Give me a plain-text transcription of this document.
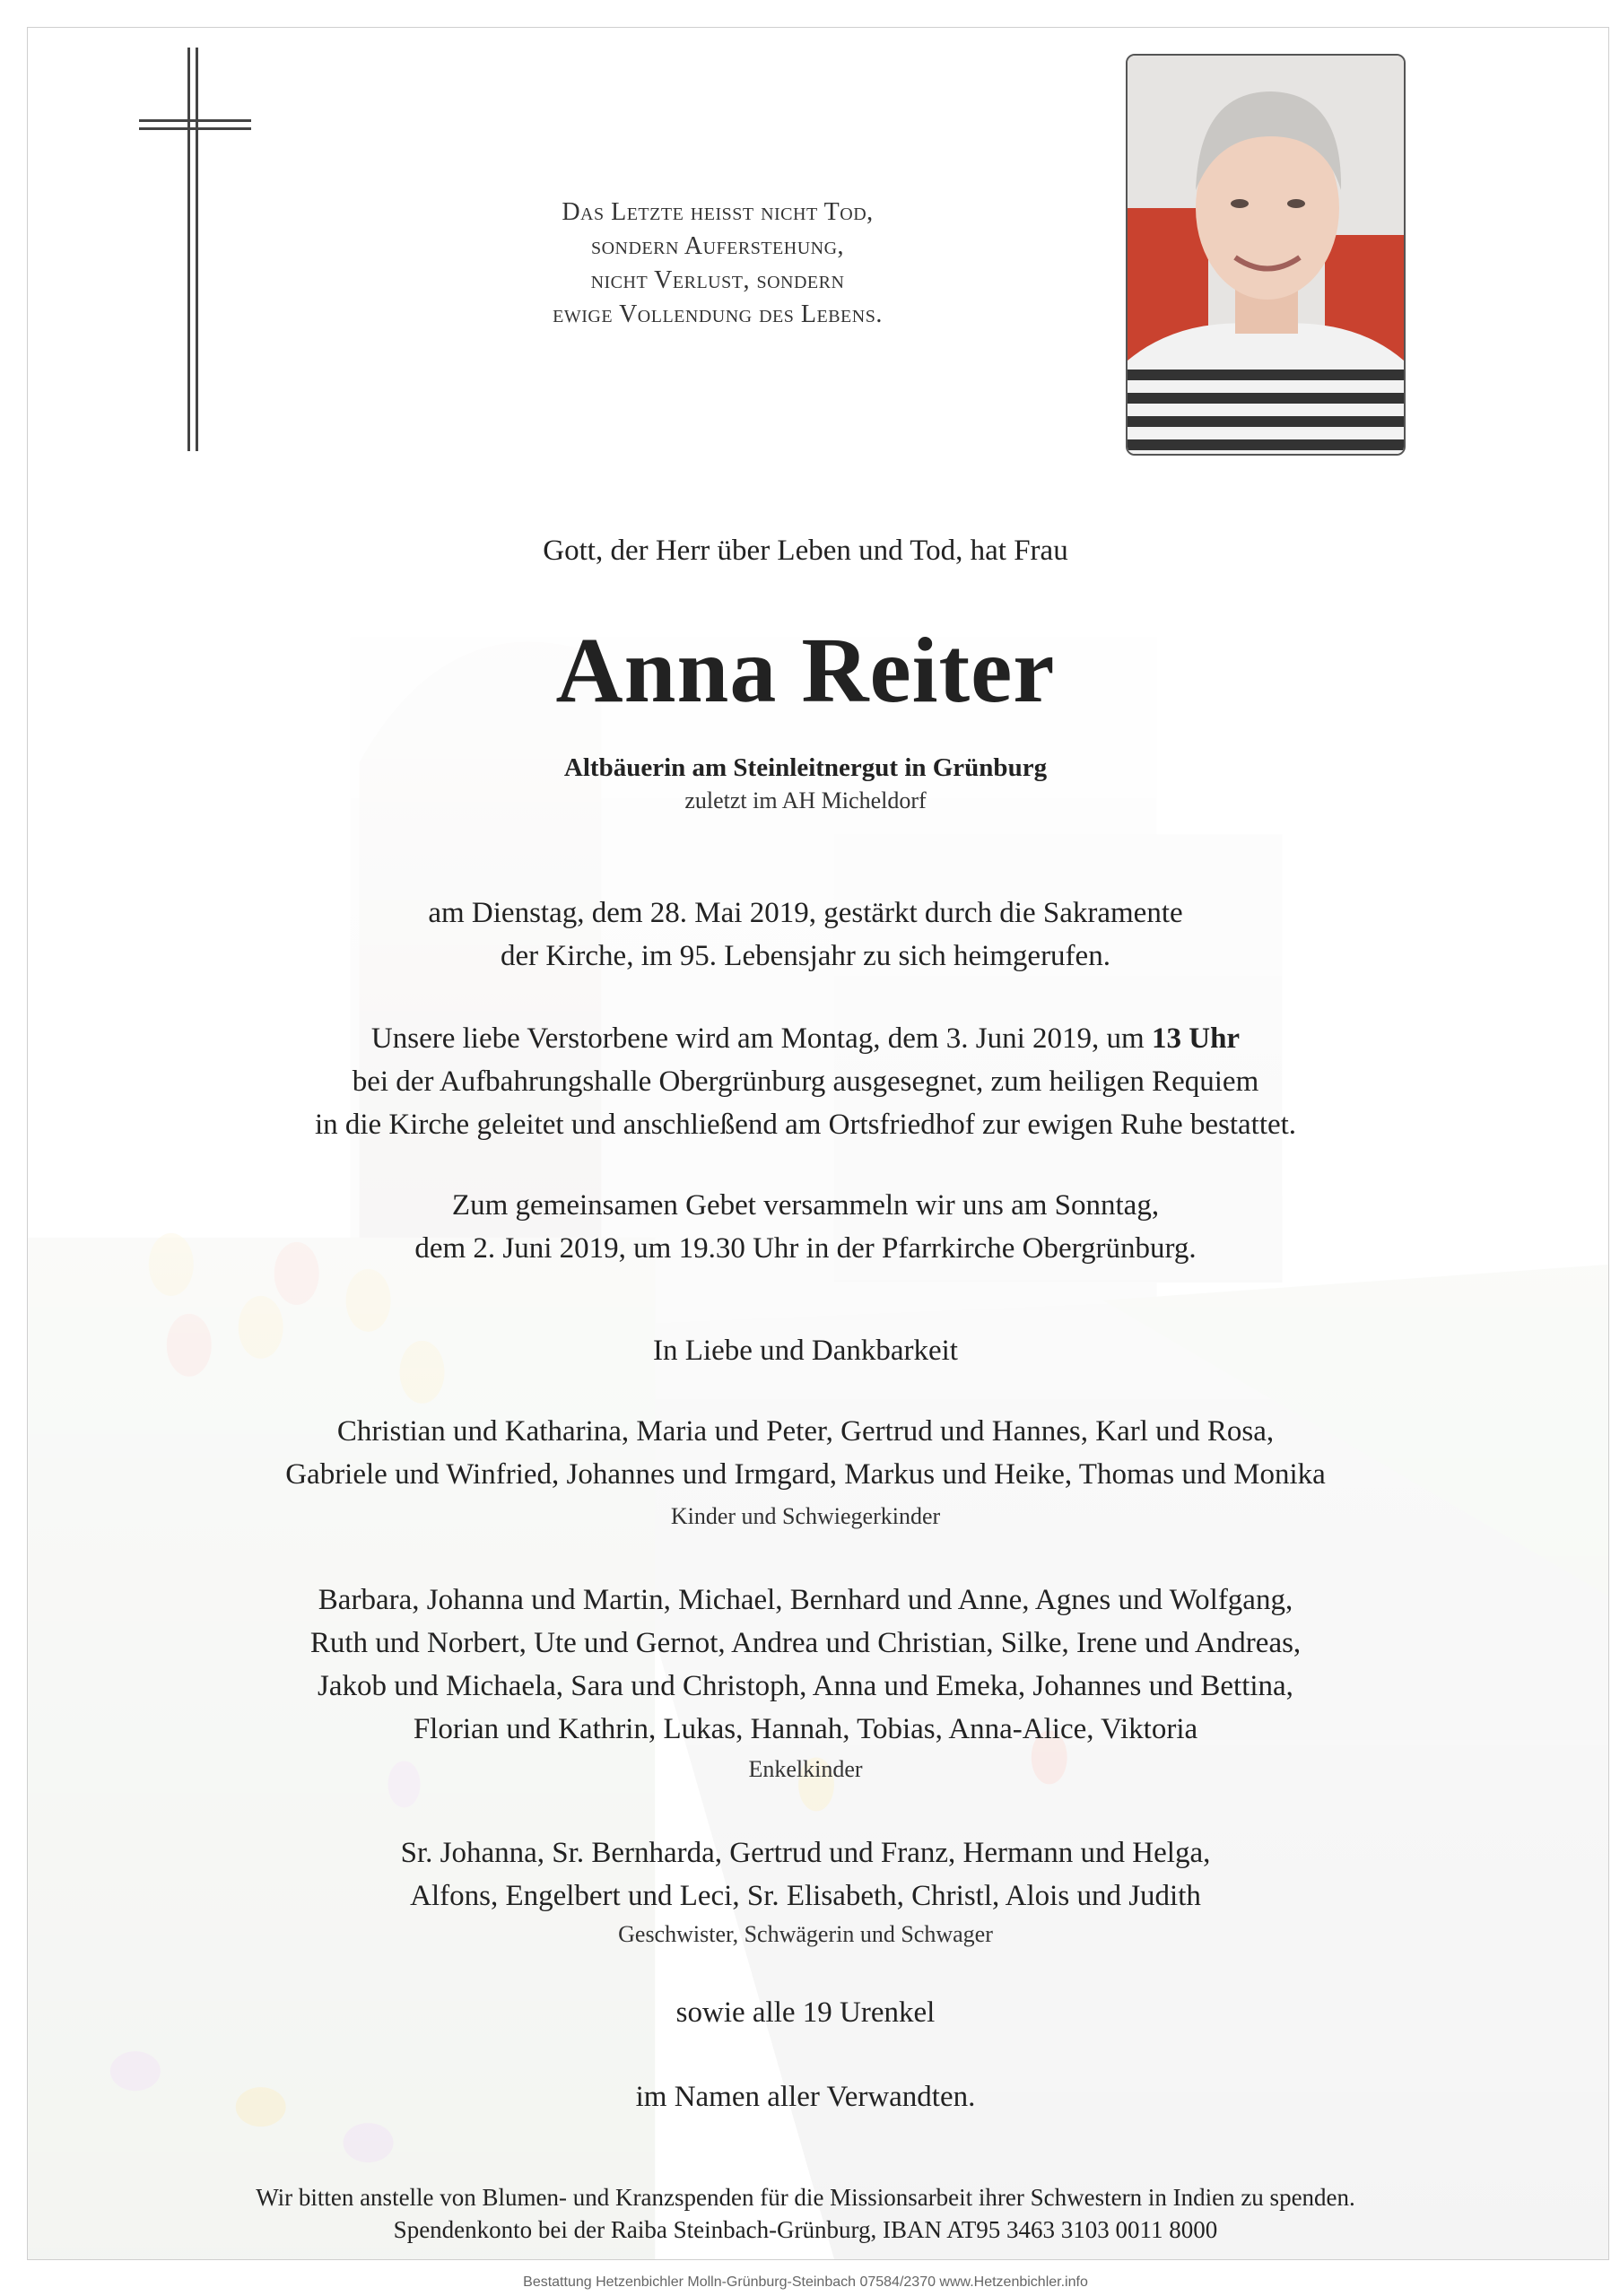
Das Letzte heisst nicht Tod,
sondern Auferstehung,
nicht Verlust, sondern
ewige Vollendung des Lebens.
Gott, der Herr über Leben und Tod, hat Frau
Anna Reiter
Altbäuerin am Steinleitnergut in Grünburg
zuletzt im AH Micheldorf
am Dienstag, dem 28. Mai 2019, gestärkt durch die Sakramente
der Kirche, im 95. Lebensjahr zu sich heimgerufen.
Unsere liebe Verstorbene wird am Montag, dem 3. Juni 2019, um 13 Uhr
bei der Aufbahrungshalle Obergrünburg ausgesegnet, zum heiligen Requiem
in die Kirche geleitet und anschließend am Ortsfriedhof zur ewigen Ruhe bestattet.
Zum gemeinsamen Gebet versammeln wir uns am Sonntag,
dem 2. Juni 2019, um 19.30 Uhr in der Pfarrkirche Obergrünburg.
In Liebe und Dankbarkeit
Christian und Katharina, Maria und Peter, Gertrud und Hannes, Karl und Rosa,
Gabriele und Winfried, Johannes und Irmgard, Markus und Heike, Thomas und Monika
Kinder und Schwiegerkinder
Barbara, Johanna und Martin, Michael, Bernhard und Anne, Agnes und Wolfgang,
Ruth und Norbert, Ute und Gernot, Andrea und Christian, Silke, Irene und Andreas,
Jakob und Michaela, Sara und Christoph, Anna und Emeka, Johannes und Bettina,
Florian und Kathrin, Lukas, Hannah, Tobias, Anna-Alice, Viktoria
Enkelkinder
Sr. Johanna, Sr. Bernharda, Gertrud und Franz, Hermann und Helga,
Alfons, Engelbert und Leci, Sr. Elisabeth, Christl, Alois und Judith
Geschwister, Schwägerin und Schwager
sowie alle 19 Urenkel
im Namen aller Verwandten.
Wir bitten anstelle von Blumen- und Kranzspenden für die Missionsarbeit ihrer Schwestern in Indien zu spenden.
Spendenkonto bei der Raiba Steinbach-Grünburg, IBAN AT95 3463 3103 0011 8000
Bestattung Hetzenbichler Molln-Grünburg-Steinbach 07584/2370 www.Hetzenbichler.info
